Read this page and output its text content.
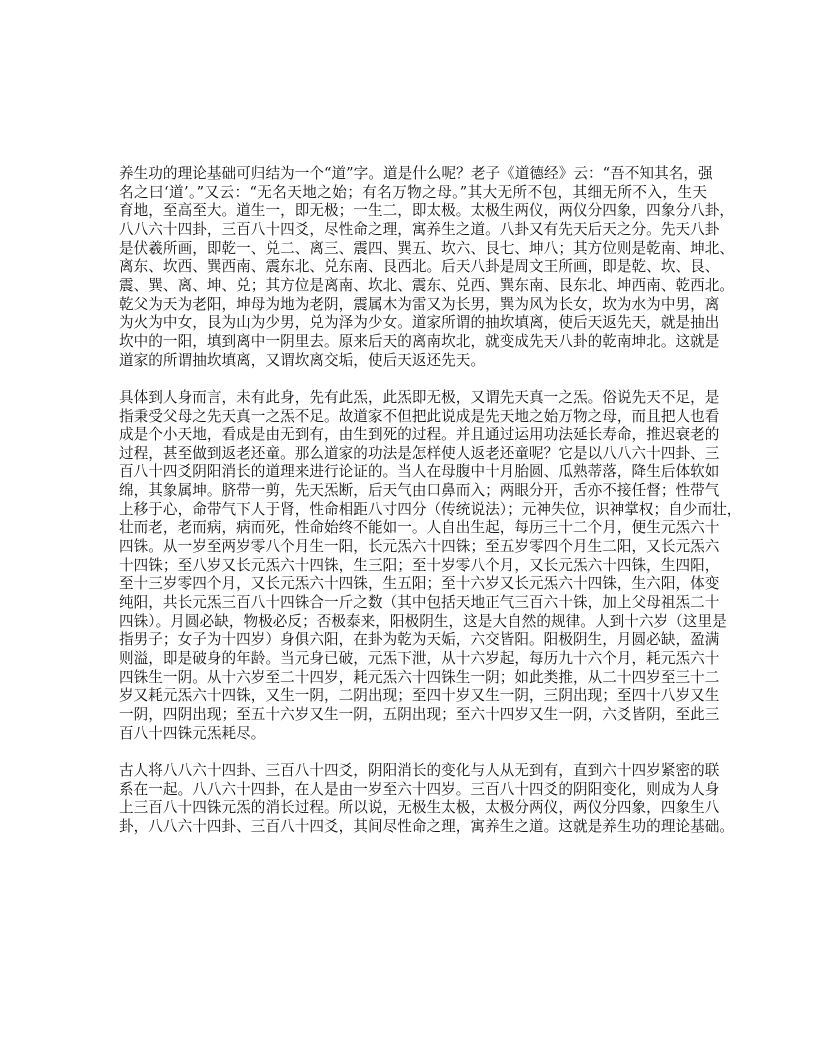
养生功的理论基础可归结为一个“道”字。道是什么呢？老子《道德经》云：“吾不知其名，强
名之曰‘道’。”又云：“无名天地之始；有名万物之母。”其大无所不包，其细无所不入，生天
育地，至高至大。道生一，即无极；一生二，即太极。太极生两仪，两仪分四象，四象分八卦，
八八六十四卦，三百八十四爻，尽性命之理，寓养生之道。八卦又有先天后天之分。先天八卦
是伏羲所画，即乾一、兑二、离三、震四、巽五、坎六、艮七、坤八；其方位则是乾南、坤北、
离东、坎西、巽西南、震东北、兑东南、艮西北。后天八卦是周文王所画，即是乾、坎、艮、
震、巽、离、坤、兑；其方位是离南、坎北、震东、兑西、巽东南、艮东北、坤西南、乾西北。
乾父为天为老阳，坤母为地为老阴，震属木为雷又为长男，巽为风为长女，坎为水为中男，离
为火为中女，艮为山为少男，兑为泽为少女。道家所谓的抽坎填离，使后天返先天，就是抽出
坎中的一阳，填到离中一阴里去。原来后天的离南坎北，就变成先天八卦的乾南坤北。这就是
道家的所谓抽坎填离，又谓坎离交垢，使后天返还先天。
具体到人身而言，未有此身，先有此炁，此炁即无极，又谓先天真一之炁。俗说先天不足，是
指秉受父母之先天真一之炁不足。故道家不但把此说成是先天地之始万物之母，而且把人也看
成是个小天地，看成是由无到有，由生到死的过程。并且通过运用功法延长寿命，推迟衰老的
过程，甚至做到返老还童。那么道家的功法是怎样使人返老还童呢？它是以八八六十四卦、三
百八十四爻阴阳消长的道理来进行论证的。当人在母腹中十月胎圆、瓜熟蒂落，降生后体软如
绵，其象属坤。脐带一剪，先天炁断，后天气由口鼻而入；两眼分开，舌亦不接任督；性带气
上移于心，命带气下人于肾，性命相距八寸四分（传统说法）；元神失位，识神掌权；自少而壮，
壮而老，老而病，病而死，性命始终不能如一。人自出生起，每历三十二个月，便生元炁六十
四铢。从一岁至两岁零八个月生一阳，长元炁六十四铢；至五岁零四个月生二阳，又长元炁六
十四铢；至八岁又长元炁六十四铢，生三阳；至十岁零八个月，又长元炁六十四铢，生四阳，
至十三岁零四个月，又长元炁六十四铢，生五阳；至十六岁又长元炁六十四铢，生六阳，体变
纯阳，共长元炁三百八十四铢合一斤之数（其中包括天地正气三百六十铢，加上父母祖炁二十
四铢）。月圆必缺，物极必反；否极泰来，阳极阴生，这是大自然的规律。人到十六岁（这里是
指男子；女子为十四岁）身俱六阳，在卦为乾为天姤，六交皆阳。阳极阴生，月圆必缺，盈满
则溢，即是破身的年龄。当元身已破，元炁下泄，从十六岁起，每历九十六个月，耗元炁六十
四铢生一阴。从十六岁至二十四岁，耗元炁六十四铢生一阴；如此类推，从二十四岁至三十二
岁又耗元炁六十四铢，又生一阴，二阴出现；至四十岁又生一阴，三阴出现；至四十八岁又生
一阴，四阴出现；至五十六岁又生一阴，五阴出现；至六十四岁又生一阴，六爻皆阴，至此三
百八十四铢元炁耗尽。
古人将八八六十四卦、三百八十四爻，阴阳消长的变化与人从无到有，直到六十四岁紧密的联
系在一起。八八六十四卦，在人是由一岁至六十四岁。三百八十四爻的阴阳变化，则成为人身
上三百八十四铢元炁的消长过程。所以说，无极生太极，太极分两仪，两仪分四象，四象生八
卦，八八六十四卦、三百八十四爻，其间尽性命之理，寓养生之道。这就是养生功的理论基础。
